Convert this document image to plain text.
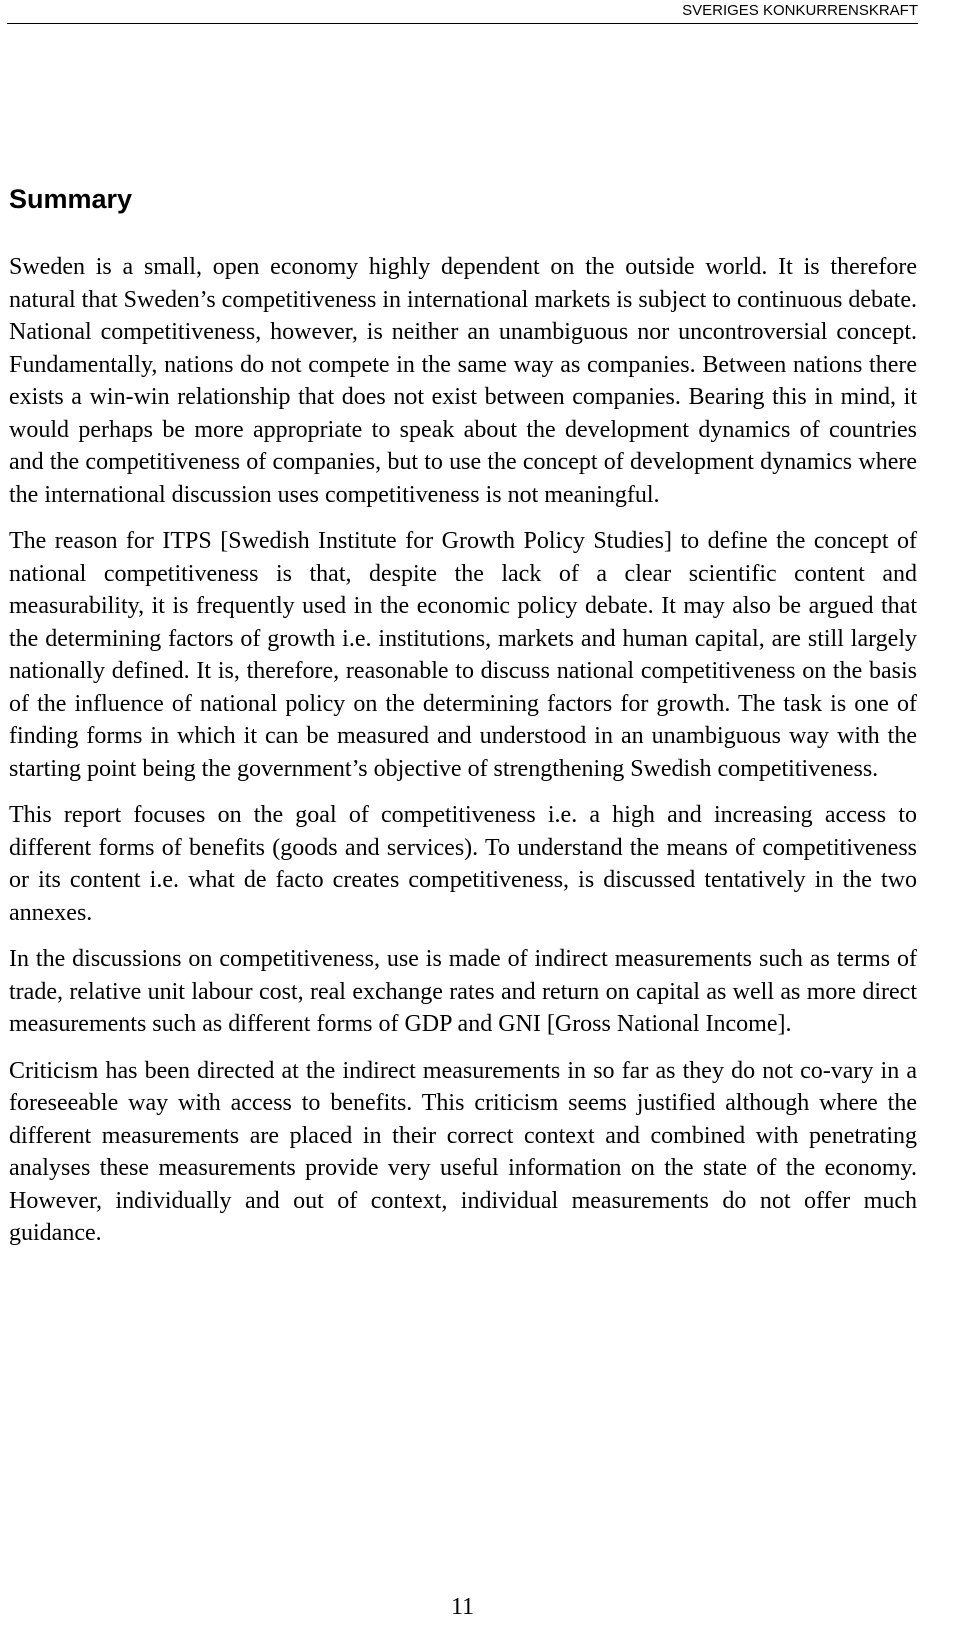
SVERIGES KONKURRENSKRAFT
Summary

Sweden is a small, open economy highly dependent on the outside world. It is therefore natural that Sweden’s competitiveness in international markets is subject to continuous debate. National competitiveness, however, is neither an unambiguous nor uncontroversial concept. Fundamentally, nations do not compete in the same way as companies. Between nations there exists a win-win relationship that does not exist between companies. Bearing this in mind, it would perhaps be more appropriate to speak about the development dynamics of countries and the competitiveness of companies, but to use the concept of development dynamics where the international discussion uses competitiveness is not meaningful.

The reason for ITPS [Swedish Institute for Growth Policy Studies] to define the concept of national competitiveness is that, despite the lack of a clear scientific content and measurability, it is frequently used in the economic policy debate. It may also be argued that the determining factors of growth i.e. institutions, markets and human capital, are still largely nationally defined. It is, therefore, reasonable to discuss national competitiveness on the basis of the influence of national policy on the determining factors for growth. The task is one of finding forms in which it can be measured and understood in an unambiguous way with the starting point being the government’s objective of strengthening Swedish competitiveness.

This report focuses on the goal of competitiveness i.e. a high and increasing access to different forms of benefits (goods and services). To understand the means of competitiveness or its content i.e. what de facto creates competitiveness, is discussed tentatively in the two annexes.

In the discussions on competitiveness, use is made of indirect measurements such as terms of trade, relative unit labour cost, real exchange rates and return on capital as well as more direct measurements such as different forms of GDP and GNI [Gross National Income].

Criticism has been directed at the indirect measurements in so far as they do not co-vary in a foreseeable way with access to benefits. This criticism seems justified although where the different measurements are placed in their correct context and combined with penetrating analyses these measurements provide very useful information on the state of the economy. However, individually and out of context, individual measurements do not offer much guidance.

11
